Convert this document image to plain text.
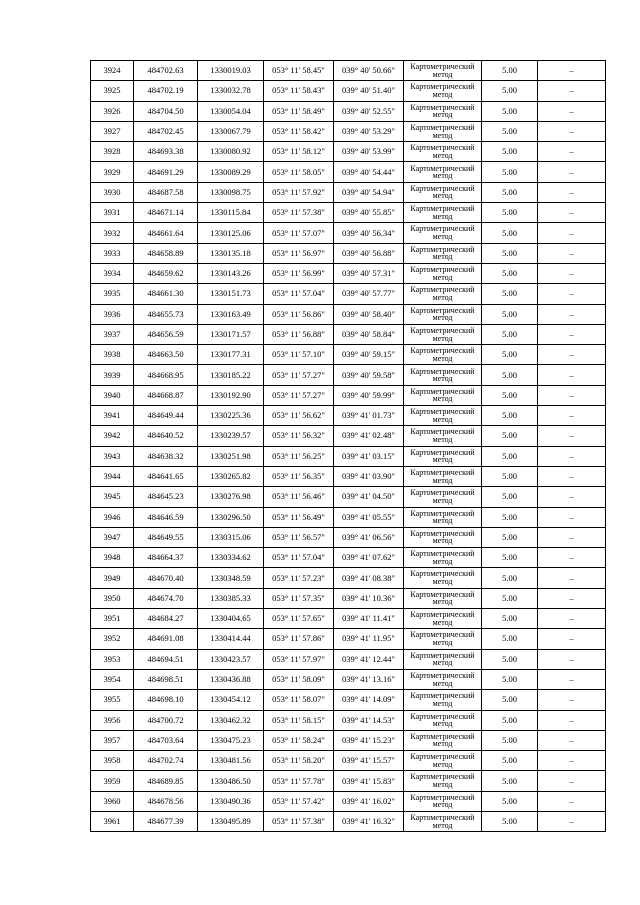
3924	484702.63	1330019.03	053° 11' 58.45"	039° 40' 50.66"	Картометрический метод	5.00	–
3925	484702.19	1330032.78	053° 11' 58.43"	039° 40' 51.40"	Картометрический метод	5.00	–
3926	484704.50	1330054.04	053° 11' 58.49"	039° 40' 52.55"	Картометрический метод	5.00	–
3927	484702.45	1330067.79	053° 11' 58.42"	039° 40' 53.29"	Картометрический метод	5.00	–
3928	484693.38	1330080.92	053° 11' 58.12"	039° 40' 53.99"	Картометрический метод	5.00	–
3929	484691.29	1330089.29	053° 11' 58.05"	039° 40' 54.44"	Картометрический метод	5.00	–
3930	484687.58	1330098.75	053° 11' 57.92"	039° 40' 54.94"	Картометрический метод	5.00	–
3931	484671.14	1330115.84	053° 11' 57.38"	039° 40' 55.85"	Картометрический метод	5.00	–
3932	484661.64	1330125.06	053° 11' 57.07"	039° 40' 56.34"	Картометрический метод	5.00	–
3933	484658.89	1330135.18	053° 11' 56.97"	039° 40' 56.88"	Картометрический метод	5.00	–
3934	484659.62	1330143.26	053° 11' 56.99"	039° 40' 57.31"	Картометрический метод	5.00	–
3935	484661.30	1330151.73	053° 11' 57.04"	039° 40' 57.77"	Картометрический метод	5.00	–
3936	484655.73	1330163.49	053° 11' 56.86"	039° 40' 58.40"	Картометрический метод	5.00	–
3937	484656.59	1330171.57	053° 11' 56.88"	039° 40' 58.84"	Картометрический метод	5.00	–
3938	484663.50	1330177.31	053° 11' 57.10"	039° 40' 59.15"	Картометрический метод	5.00	–
3939	484668.95	1330185.22	053° 11' 57.27"	039° 40' 59.58"	Картометрический метод	5.00	–
3940	484668.87	1330192.90	053° 11' 57.27"	039° 40' 59.99"	Картометрический метод	5.00	–
3941	484649.44	1330225.36	053° 11' 56.62"	039° 41' 01.73"	Картометрический метод	5.00	–
3942	484640.52	1330239.57	053° 11' 56.32"	039° 41' 02.48"	Картометрический метод	5.00	–
3943	484638.32	1330251.98	053° 11' 56.25"	039° 41' 03.15"	Картометрический метод	5.00	–
3944	484641.65	1330265.82	053° 11' 56.35"	039° 41' 03.90"	Картометрический метод	5.00	–
3945	484645.23	1330276.98	053° 11' 56.46"	039° 41' 04.50"	Картометрический метод	5.00	–
3946	484646.59	1330296.50	053° 11' 56.49"	039° 41' 05.55"	Картометрический метод	5.00	–
3947	484649.55	1330315.06	053° 11' 56.57"	039° 41' 06.56"	Картометрический метод	5.00	–
3948	484664.37	1330334.62	053° 11' 57.04"	039° 41' 07.62"	Картометрический метод	5.00	–
3949	484670.40	1330348.59	053° 11' 57.23"	039° 41' 08.38"	Картометрический метод	5.00	–
3950	484674.70	1330385.33	053° 11' 57.35"	039° 41' 10.36"	Картометрический метод	5.00	–
3951	484684.27	1330404.65	053° 11' 57.65"	039° 41' 11.41"	Картометрический метод	5.00	–
3952	484691.08	1330414.44	053° 11' 57.86"	039° 41' 11.95"	Картометрический метод	5.00	–
3953	484694.51	1330423.57	053° 11' 57.97"	039° 41' 12.44"	Картометрический метод	5.00	–
3954	484698.51	1330436.88	053° 11' 58.09"	039° 41' 13.16"	Картометрический метод	5.00	–
3955	484698.10	1330454.12	053° 11' 58.07"	039° 41' 14.09"	Картометрический метод	5.00	–
3956	484700.72	1330462.32	053° 11' 58.15"	039° 41' 14.53"	Картометрический метод	5.00	–
3957	484703.64	1330475.23	053° 11' 58.24"	039° 41' 15.23"	Картометрический метод	5.00	–
3958	484702.74	1330481.56	053° 11' 58.20"	039° 41' 15.57"	Картометрический метод	5.00	–
3959	484689.85	1330486.50	053° 11' 57.78"	039° 41' 15.83"	Картометрический метод	5.00	–
3960	484678.56	1330490.36	053° 11' 57.42"	039° 41' 16.02"	Картометрический метод	5.00	–
3961	484677.39	1330495.89	053° 11' 57.38"	039° 41' 16.32"	Картометрический метод	5.00	–
